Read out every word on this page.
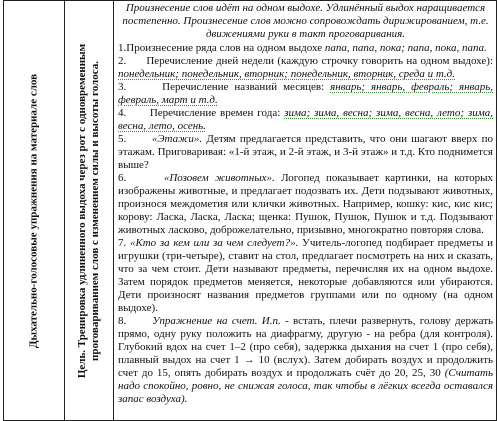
Дыхательно-голосовые упражнения на материале слов	Цель. Тренировка удлиненного выдоха через рот с одновременным проговариванием слов с изменением силы и высоты голоса.

Произнесение слов идёт на одном выдохе. Удлинённый выдох наращивается постепенно. Произнесение слов можно сопровождать дирижированием, т.е. движениями руки в такт проговаривания.

1.Произнесение ряда слов на одном выдохе папа, папа, пока; папа, пока, папа.

2. Перечисление дней недели (каждую строчку говорить на одном выдохе): понедельник; понедельник, вторник; понедельник, вторник, среда и т.д.

3.	Перечисление названий месяцев: январь; январь, февраль; январь, февраль, март и т.д.

4. Перечисление времен года: зима; зима, весна; зима, весна, лето; зима, весна, лето, осень.

5. «Этажи». Детям предлагается представить, что они шагают вверх по этажам. Приговаривая: «1-й этаж, и 2-й этаж, и 3-й этаж» и т.д. Кто поднимется выше?

6.	«Позовем животных». Логопед показывает картинки, на которых изображены животные, и предлагает подозвать их. Дети подзывают животных, произнося междометия или клички животных. Например, кошку: кис, кис кис; корову: Ласка, Ласка, Ласка; щенка: Пушок, Пушок, Пушок и т.д. Подзывают животных ласково, доброжелательно, призывно, многократно повторяя слова.

7. «Кто за кем или за чем следует?». Учитель-логопед подбирает предметы и игрушки (три-четыре), ставит на стол, предлагает посмотреть на них и сказать, что за чем стоит. Дети называют предметы, перечисляя их на одном выдохе. Затем порядок предметов меняется, некоторые добавляются или убираются. Дети произносят названия предметов группами или по одному (на одном выдохе).

8. Упражнение на счет. И.п. - встать, плечи развернуть, голову держать прямо, одну руку положить на диафрагму, другую - на ребра (для контроля). Глубокий вдох на счет 1–2 (про себя), задержка дыхания на счет 1 (про себя), плавный выдох на счет 1 → 10 (вслух). Затем добирать воздух и продолжить счет до 15, опять добирать воздух и продолжать счёт до 20, 25, 30 (Считать надо спокойно, ровно, не снижая голоса, так чтобы в лёгких всегда оставался запас воздуха).
